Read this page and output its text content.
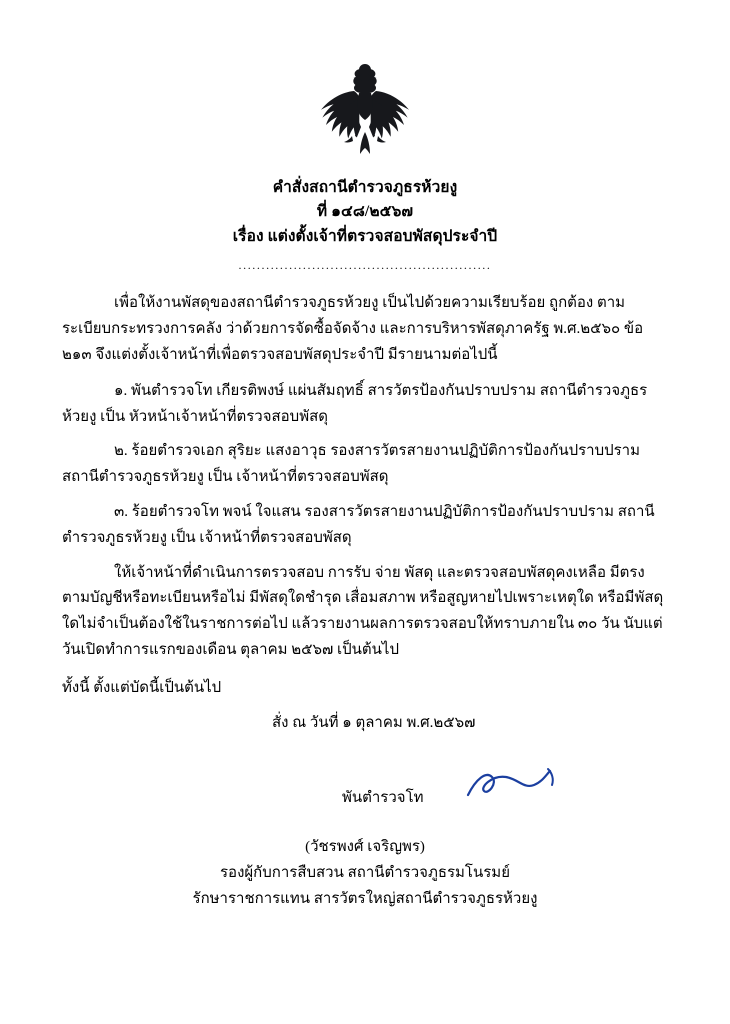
คำสั่งสถานีตำรวจภูธรห้วยงู
ที่ ๑๔๘/๒๕๖๗
เรื่อง แต่งตั้งเจ้าที่ตรวจสอบพัสดุประจำปี
.......................................................

เพื่อให้งานพัสดุของสถานีตำรวจภูธรห้วยงู เป็นไปด้วยความเรียบร้อย ถูกต้อง ตามระเบียบกระทรวงการคลัง ว่าด้วยการจัดซื้อจัดจ้าง และการบริหารพัสดุภาครัฐ พ.ศ.๒๕๖๐ ข้อ ๒๑๓ จึงแต่งตั้งเจ้าหน้าที่เพื่อตรวจสอบพัสดุประจำปี มีรายนามต่อไปนี้

๑. พันตำรวจโท เกียรติพงษ์ แผ่นสัมฤทธิ์ สารวัตรป้องกันปราบปราม สถานีตำรวจภูธรห้วยงู เป็น หัวหน้าเจ้าหน้าที่ตรวจสอบพัสดุ

๒. ร้อยตำรวจเอก สุริยะ แสงอาวุธ รองสารวัตรสายงานปฏิบัติการป้องกันปราบปราม สถานีตำรวจภูธรห้วยงู เป็น เจ้าหน้าที่ตรวจสอบพัสดุ

๓. ร้อยตำรวจโท พจน์ ใจแสน รองสารวัตรสายงานปฏิบัติการป้องกันปราบปราม สถานีตำรวจภูธรห้วยงู เป็น เจ้าหน้าที่ตรวจสอบพัสดุ

ให้เจ้าหน้าที่ดำเนินการตรวจสอบ การรับ จ่าย พัสดุ และตรวจสอบพัสดุคงเหลือ มีตรงตามบัญชีหรือทะเบียนหรือไม่ มีพัสดุใดชำรุด เสื่อมสภาพ หรือสูญหายไปเพราะเหตุใด หรือมีพัสดุใดไม่จำเป็นต้องใช้ในราชการต่อไป แล้วรายงานผลการตรวจสอบให้ทราบภายใน ๓๐ วัน นับแต่วันเปิดทำการแรกของเดือน ตุลาคม ๒๕๖๗ เป็นต้นไป

ทั้งนี้ ตั้งแต่บัดนี้เป็นต้นไป
สั่ง ณ วันที่ ๑ ตุลาคม พ.ศ.๒๕๖๗
พันตำรวจโท
(วัชรพงศ์ เจริญพร)
รองผู้กับการสืบสวน สถานีตำรวจภูธรมโนรมย์
รักษาราชการแทน สารวัตรใหญ่สถานีตำรวจภูธรห้วยงู
